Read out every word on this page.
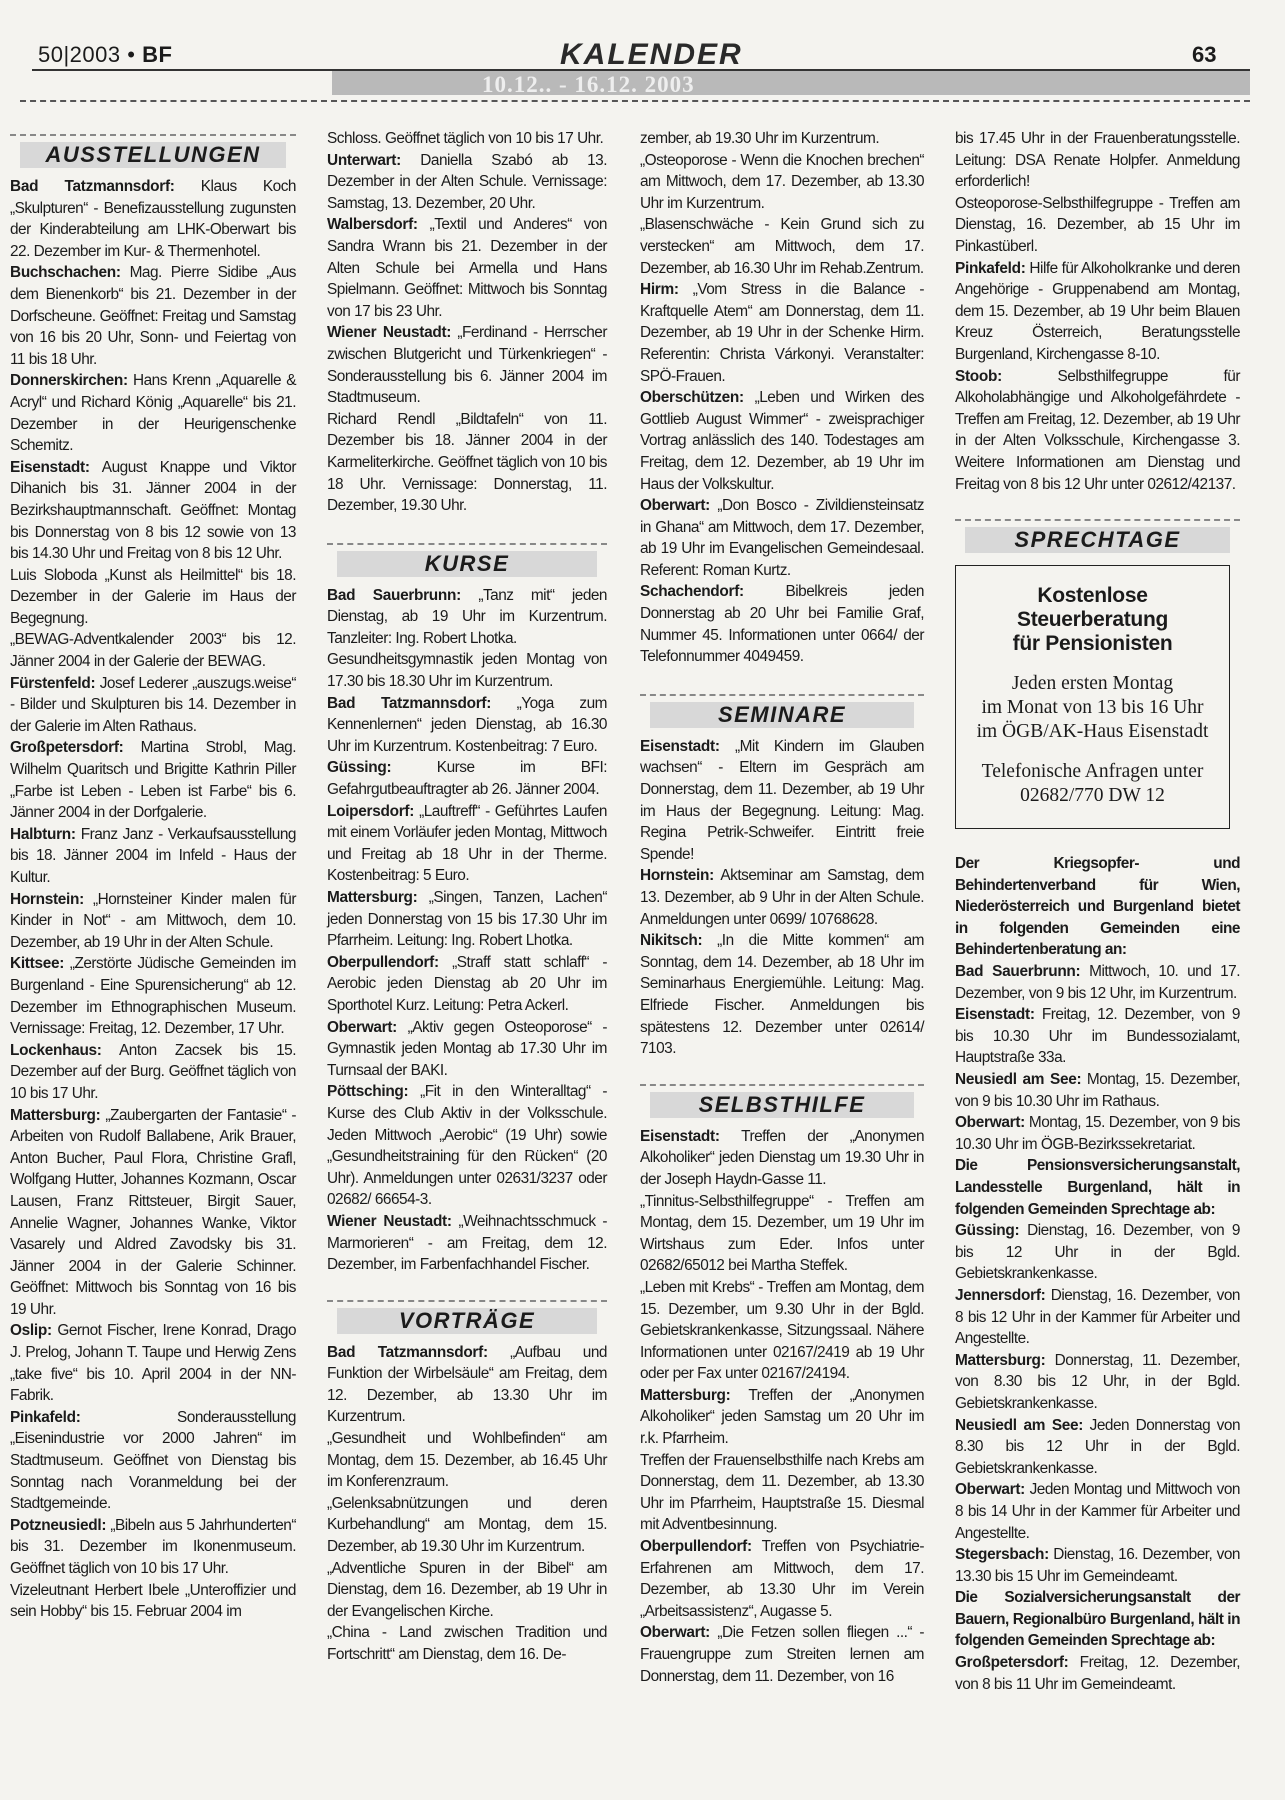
50|2003 • BF	KALENDER	63
10.12.. - 16.12. 2003
AUSSTELLUNGEN

Bad Tatzmannsdorf: Klaus Koch „Skulpturen“ - Benefizausstellung zugunsten der Kinderabteilung am LHK-Oberwart bis 22. Dezember im Kur- & Thermenhotel.

Buchschachen: Mag. Pierre Sidibe „Aus dem Bienenkorb“ bis 21. Dezember in der Dorfscheune. Geöffnet: Freitag und Samstag von 16 bis 20 Uhr, Sonn- und Feiertag von 11 bis 18 Uhr.

Donnerskirchen: Hans Krenn „Aquarelle & Acryl“ und Richard König „Aquarelle“ bis 21. Dezember in der Heurigenschenke Schemitz.

Eisenstadt: August Knappe und Viktor Dihanich bis 31. Jänner 2004 in der Bezirkshauptmannschaft. Geöffnet: Montag bis Donnerstag von 8 bis 12 sowie von 13 bis 14.30 Uhr und Freitag von 8 bis 12 Uhr.

Luis Sloboda „Kunst als Heilmittel“ bis 18. Dezember in der Galerie im Haus der Begegnung.

„BEWAG-Adventkalender 2003“ bis 12. Jänner 2004 in der Galerie der BEWAG.

Fürstenfeld: Josef Lederer „auszugs.weise“ - Bilder und Skulpturen bis 14. Dezember in der Galerie im Alten Rathaus.

Großpetersdorf: Martina Strobl, Mag. Wilhelm Quaritsch und Brigitte Kathrin Piller „Farbe ist Leben - Leben ist Farbe“ bis 6. Jänner 2004 in der Dorfgalerie.

Halbturn: Franz Janz - Verkaufsausstellung bis 18. Jänner 2004 im Infeld - Haus der Kultur.

Hornstein: „Hornsteiner Kinder malen für Kinder in Not“ - am Mittwoch, dem 10. Dezember, ab 19 Uhr in der Alten Schule.

Kittsee: „Zerstörte Jüdische Gemeinden im Burgenland - Eine Spurensicherung“ ab 12. Dezember im Ethnographischen Museum. Vernissage: Freitag, 12. Dezember, 17 Uhr.

Lockenhaus: Anton Zacsek bis 15. Dezember auf der Burg. Geöffnet täglich von 10 bis 17 Uhr.

Mattersburg: „Zaubergarten der Fantasie“ - Arbeiten von Rudolf Ballabene, Arik Brauer, Anton Bucher, Paul Flora, Christine Grafl, Wolfgang Hutter, Johannes Kozmann, Oscar Lausen, Franz Rittsteuer, Birgit Sauer, Annelie Wagner, Johannes Wanke, Viktor Vasarely und Aldred Zavodsky bis 31. Jänner 2004 in der Galerie Schinner. Geöffnet: Mittwoch bis Sonntag von 16 bis 19 Uhr.

Oslip: Gernot Fischer, Irene Konrad, Drago J. Prelog, Johann T. Taupe und Herwig Zens „take five“ bis 10. April 2004 in der NN-Fabrik.

Pinkafeld: Sonderausstellung „Eisenindustrie vor 2000 Jahren“ im Stadtmuseum. Geöffnet von Dienstag bis Sonntag nach Voranmeldung bei der Stadtgemeinde.

Potzneusiedl: „Bibeln aus 5 Jahrhunderten“ bis 31. Dezember im Ikonenmuseum. Geöffnet täglich von 10 bis 17 Uhr.

Vizeleutnant Herbert Ibele „Unteroffizier und sein Hobby“ bis 15. Februar 2004 im

Schloss. Geöffnet täglich von 10 bis 17 Uhr.

Unterwart: Daniella Szabó ab 13. Dezember in der Alten Schule. Vernissage: Samstag, 13. Dezember, 20 Uhr.

Walbersdorf: „Textil und Anderes“ von Sandra Wrann bis 21. Dezember in der Alten Schule bei Armella und Hans Spielmann. Geöffnet: Mittwoch bis Sonntag von 17 bis 23 Uhr.

Wiener Neustadt: „Ferdinand - Herrscher zwischen Blutgericht und Türkenkriegen“ - Sonderausstellung bis 6. Jänner 2004 im Stadtmuseum.

Richard Rendl „Bildtafeln“ von 11. Dezember bis 18. Jänner 2004 in der Karmeliterkirche. Geöffnet täglich von 10 bis 18 Uhr. Vernissage: Donnerstag, 11. Dezember, 19.30 Uhr.

KURSE

Bad Sauerbrunn: „Tanz mit“ jeden Dienstag, ab 19 Uhr im Kurzentrum. Tanzleiter: Ing. Robert Lhotka.

Gesundheitsgymnastik jeden Montag von 17.30 bis 18.30 Uhr im Kurzentrum.

Bad Tatzmannsdorf: „Yoga zum Kennenlernen“ jeden Dienstag, ab 16.30 Uhr im Kurzentrum. Kostenbeitrag: 7 Euro.

Güssing: Kurse im BFI: Gefahrgutbeauftragter ab 26. Jänner 2004.

Loipersdorf: „Lauftreff“ - Geführtes Laufen mit einem Vorläufer jeden Montag, Mittwoch und Freitag ab 18 Uhr in der Therme. Kostenbeitrag: 5 Euro.

Mattersburg: „Singen, Tanzen, Lachen“ jeden Donnerstag von 15 bis 17.30 Uhr im Pfarrheim. Leitung: Ing. Robert Lhotka.

Oberpullendorf: „Straff statt schlaff“ - Aerobic jeden Dienstag ab 20 Uhr im Sporthotel Kurz. Leitung: Petra Ackerl.

Oberwart: „Aktiv gegen Osteoporose“ - Gymnastik jeden Montag ab 17.30 Uhr im Turnsaal der BAKI.

Pöttsching: „Fit in den Winteralltag“ - Kurse des Club Aktiv in der Volksschule. Jeden Mittwoch „Aerobic“ (19 Uhr) sowie „Gesundheitstraining für den Rücken“ (20 Uhr). Anmeldungen unter 02631/3237 oder 02682/ 66654-3.

Wiener Neustadt: „Weihnachtsschmuck - Marmorieren“ - am Freitag, dem 12. Dezember, im Farbenfachhandel Fischer.

VORTRÄGE

Bad Tatzmannsdorf: „Aufbau und Funktion der Wirbelsäule“ am Freitag, dem 12. Dezember, ab 13.30 Uhr im Kurzentrum.

„Gesundheit und Wohlbefinden“ am Montag, dem 15. Dezember, ab 16.45 Uhr im Konferenzraum.

„Gelenksabnützungen und deren Kurbehandlung“ am Montag, dem 15. Dezember, ab 19.30 Uhr im Kurzentrum.

„Adventliche Spuren in der Bibel“ am Dienstag, dem 16. Dezember, ab 19 Uhr in der Evangelischen Kirche.

„China - Land zwischen Tradition und Fortschritt“ am Dienstag, dem 16. De-

zember, ab 19.30 Uhr im Kurzentrum.

„Osteoporose - Wenn die Knochen brechen“ am Mittwoch, dem 17. Dezember, ab 13.30 Uhr im Kurzentrum.

„Blasenschwäche - Kein Grund sich zu verstecken“ am Mittwoch, dem 17. Dezember, ab 16.30 Uhr im Rehab.Zentrum.

Hirm: „Vom Stress in die Balance - Kraftquelle Atem“ am Donnerstag, dem 11. Dezember, ab 19 Uhr in der Schenke Hirm. Referentin: Christa Várkonyi. Veranstalter: SPÖ-Frauen.

Oberschützen: „Leben und Wirken des Gottlieb August Wimmer“ - zweisprachiger Vortrag anlässlich des 140. Todestages am Freitag, dem 12. Dezember, ab 19 Uhr im Haus der Volkskultur.

Oberwart: „Don Bosco - Zivildiensteinsatz in Ghana“ am Mittwoch, dem 17. Dezember, ab 19 Uhr im Evangelischen Gemeindesaal. Referent: Roman Kurtz.

Schachendorf: Bibelkreis jeden Donnerstag ab 20 Uhr bei Familie Graf, Nummer 45. Informationen unter 0664/ der Telefonnummer 4049459.

SEMINARE

Eisenstadt: „Mit Kindern im Glauben wachsen“ - Eltern im Gespräch am Donnerstag, dem 11. Dezember, ab 19 Uhr im Haus der Begegnung. Leitung: Mag. Regina Petrik-Schweifer. Eintritt freie Spende!

Hornstein: Aktseminar am Samstag, dem 13. Dezember, ab 9 Uhr in der Alten Schule. Anmeldungen unter 0699/ 10768628.

Nikitsch: „In die Mitte kommen“ am Sonntag, dem 14. Dezember, ab 18 Uhr im Seminarhaus Energiemühle. Leitung: Mag. Elfriede Fischer. Anmeldungen bis spätestens 12. Dezember unter 02614/ 7103.

SELBSTHILFE

Eisenstadt: Treffen der „Anonymen Alkoholiker“ jeden Dienstag um 19.30 Uhr in der Joseph Haydn-Gasse 11.

„Tinnitus-Selbsthilfegruppe“ - Treffen am Montag, dem 15. Dezember, um 19 Uhr im Wirtshaus zum Eder. Infos unter 02682/65012 bei Martha Steffek.

„Leben mit Krebs“ - Treffen am Montag, dem 15. Dezember, um 9.30 Uhr in der Bgld. Gebietskrankenkasse, Sitzungssaal. Nähere Informationen unter 02167/2419 ab 19 Uhr oder per Fax unter 02167/24194.

Mattersburg: Treffen der „Anonymen Alkoholiker“ jeden Samstag um 20 Uhr im r.k. Pfarrheim.

Treffen der Frauenselbsthilfe nach Krebs am Donnerstag, dem 11. Dezember, ab 13.30 Uhr im Pfarrheim, Hauptstraße 15. Diesmal mit Adventbesinnung.

Oberpullendorf: Treffen von Psychiatrie-Erfahrenen am Mittwoch, dem 17. Dezember, ab 13.30 Uhr im Verein „Arbeitsassistenz“, Augasse 5.

Oberwart: „Die Fetzen sollen fliegen ...“ - Frauengruppe zum Streiten lernen am Donnerstag, dem 11. Dezember, von 16

bis 17.45 Uhr in der Frauenberatungsstelle. Leitung: DSA Renate Holpfer. Anmeldung erforderlich!

Osteoporose-Selbsthilfegruppe - Treffen am Dienstag, 16. Dezember, ab 15 Uhr im Pinkastüberl.

Pinkafeld: Hilfe für Alkoholkranke und deren Angehörige - Gruppenabend am Montag, dem 15. Dezember, ab 19 Uhr beim Blauen Kreuz Österreich, Beratungsstelle Burgenland, Kirchengasse 8-10.

Stoob: Selbsthilfegruppe für Alkoholabhängige und Alkoholgefährdete - Treffen am Freitag, 12. Dezember, ab 19 Uhr in der Alten Volksschule, Kirchengasse 3. Weitere Informationen am Dienstag und Freitag von 8 bis 12 Uhr unter 02612/42137.

SPRECHTAGE
Kostenlose Steuerberatung
für Pensionisten
Jeden ersten Montag
im Monat von 13 bis 16 Uhr
im ÖGB/AK-Haus Eisenstadt
Telefonische Anfragen unter
02682/770 DW 12

Der Kriegsopfer- und Behindertenverband für Wien, Niederösterreich und Burgenland bietet in folgenden Gemeinden eine Behindertenberatung an:

Bad Sauerbrunn: Mittwoch, 10. und 17. Dezember, von 9 bis 12 Uhr, im Kurzentrum.

Eisenstadt: Freitag, 12. Dezember, von 9 bis 10.30 Uhr im Bundessozialamt, Hauptstraße 33a.

Neusiedl am See: Montag, 15. Dezember, von 9 bis 10.30 Uhr im Rathaus.

Oberwart: Montag, 15. Dezember, von 9 bis 10.30 Uhr im ÖGB-Bezirkssekretariat.

Die Pensionsversicherungsanstalt, Landesstelle Burgenland, hält in folgenden Gemeinden Sprechtage ab:

Güssing: Dienstag, 16. Dezember, von 9 bis 12 Uhr in der Bgld. Gebietskrankenkasse.

Jennersdorf: Dienstag, 16. Dezember, von 8 bis 12 Uhr in der Kammer für Arbeiter und Angestellte.

Mattersburg: Donnerstag, 11. Dezember, von 8.30 bis 12 Uhr, in der Bgld. Gebietskrankenkasse.

Neusiedl am See: Jeden Donnerstag von 8.30 bis 12 Uhr in der Bgld. Gebietskrankenkasse.

Oberwart: Jeden Montag und Mittwoch von 8 bis 14 Uhr in der Kammer für Arbeiter und Angestellte.

Stegersbach: Dienstag, 16. Dezember, von 13.30 bis 15 Uhr im Gemeindeamt.

Die Sozialversicherungsanstalt der Bauern, Regionalbüro Burgenland, hält in folgenden Gemeinden Sprechtage ab:

Großpetersdorf: Freitag, 12. Dezember, von 8 bis 11 Uhr im Gemeindeamt.
